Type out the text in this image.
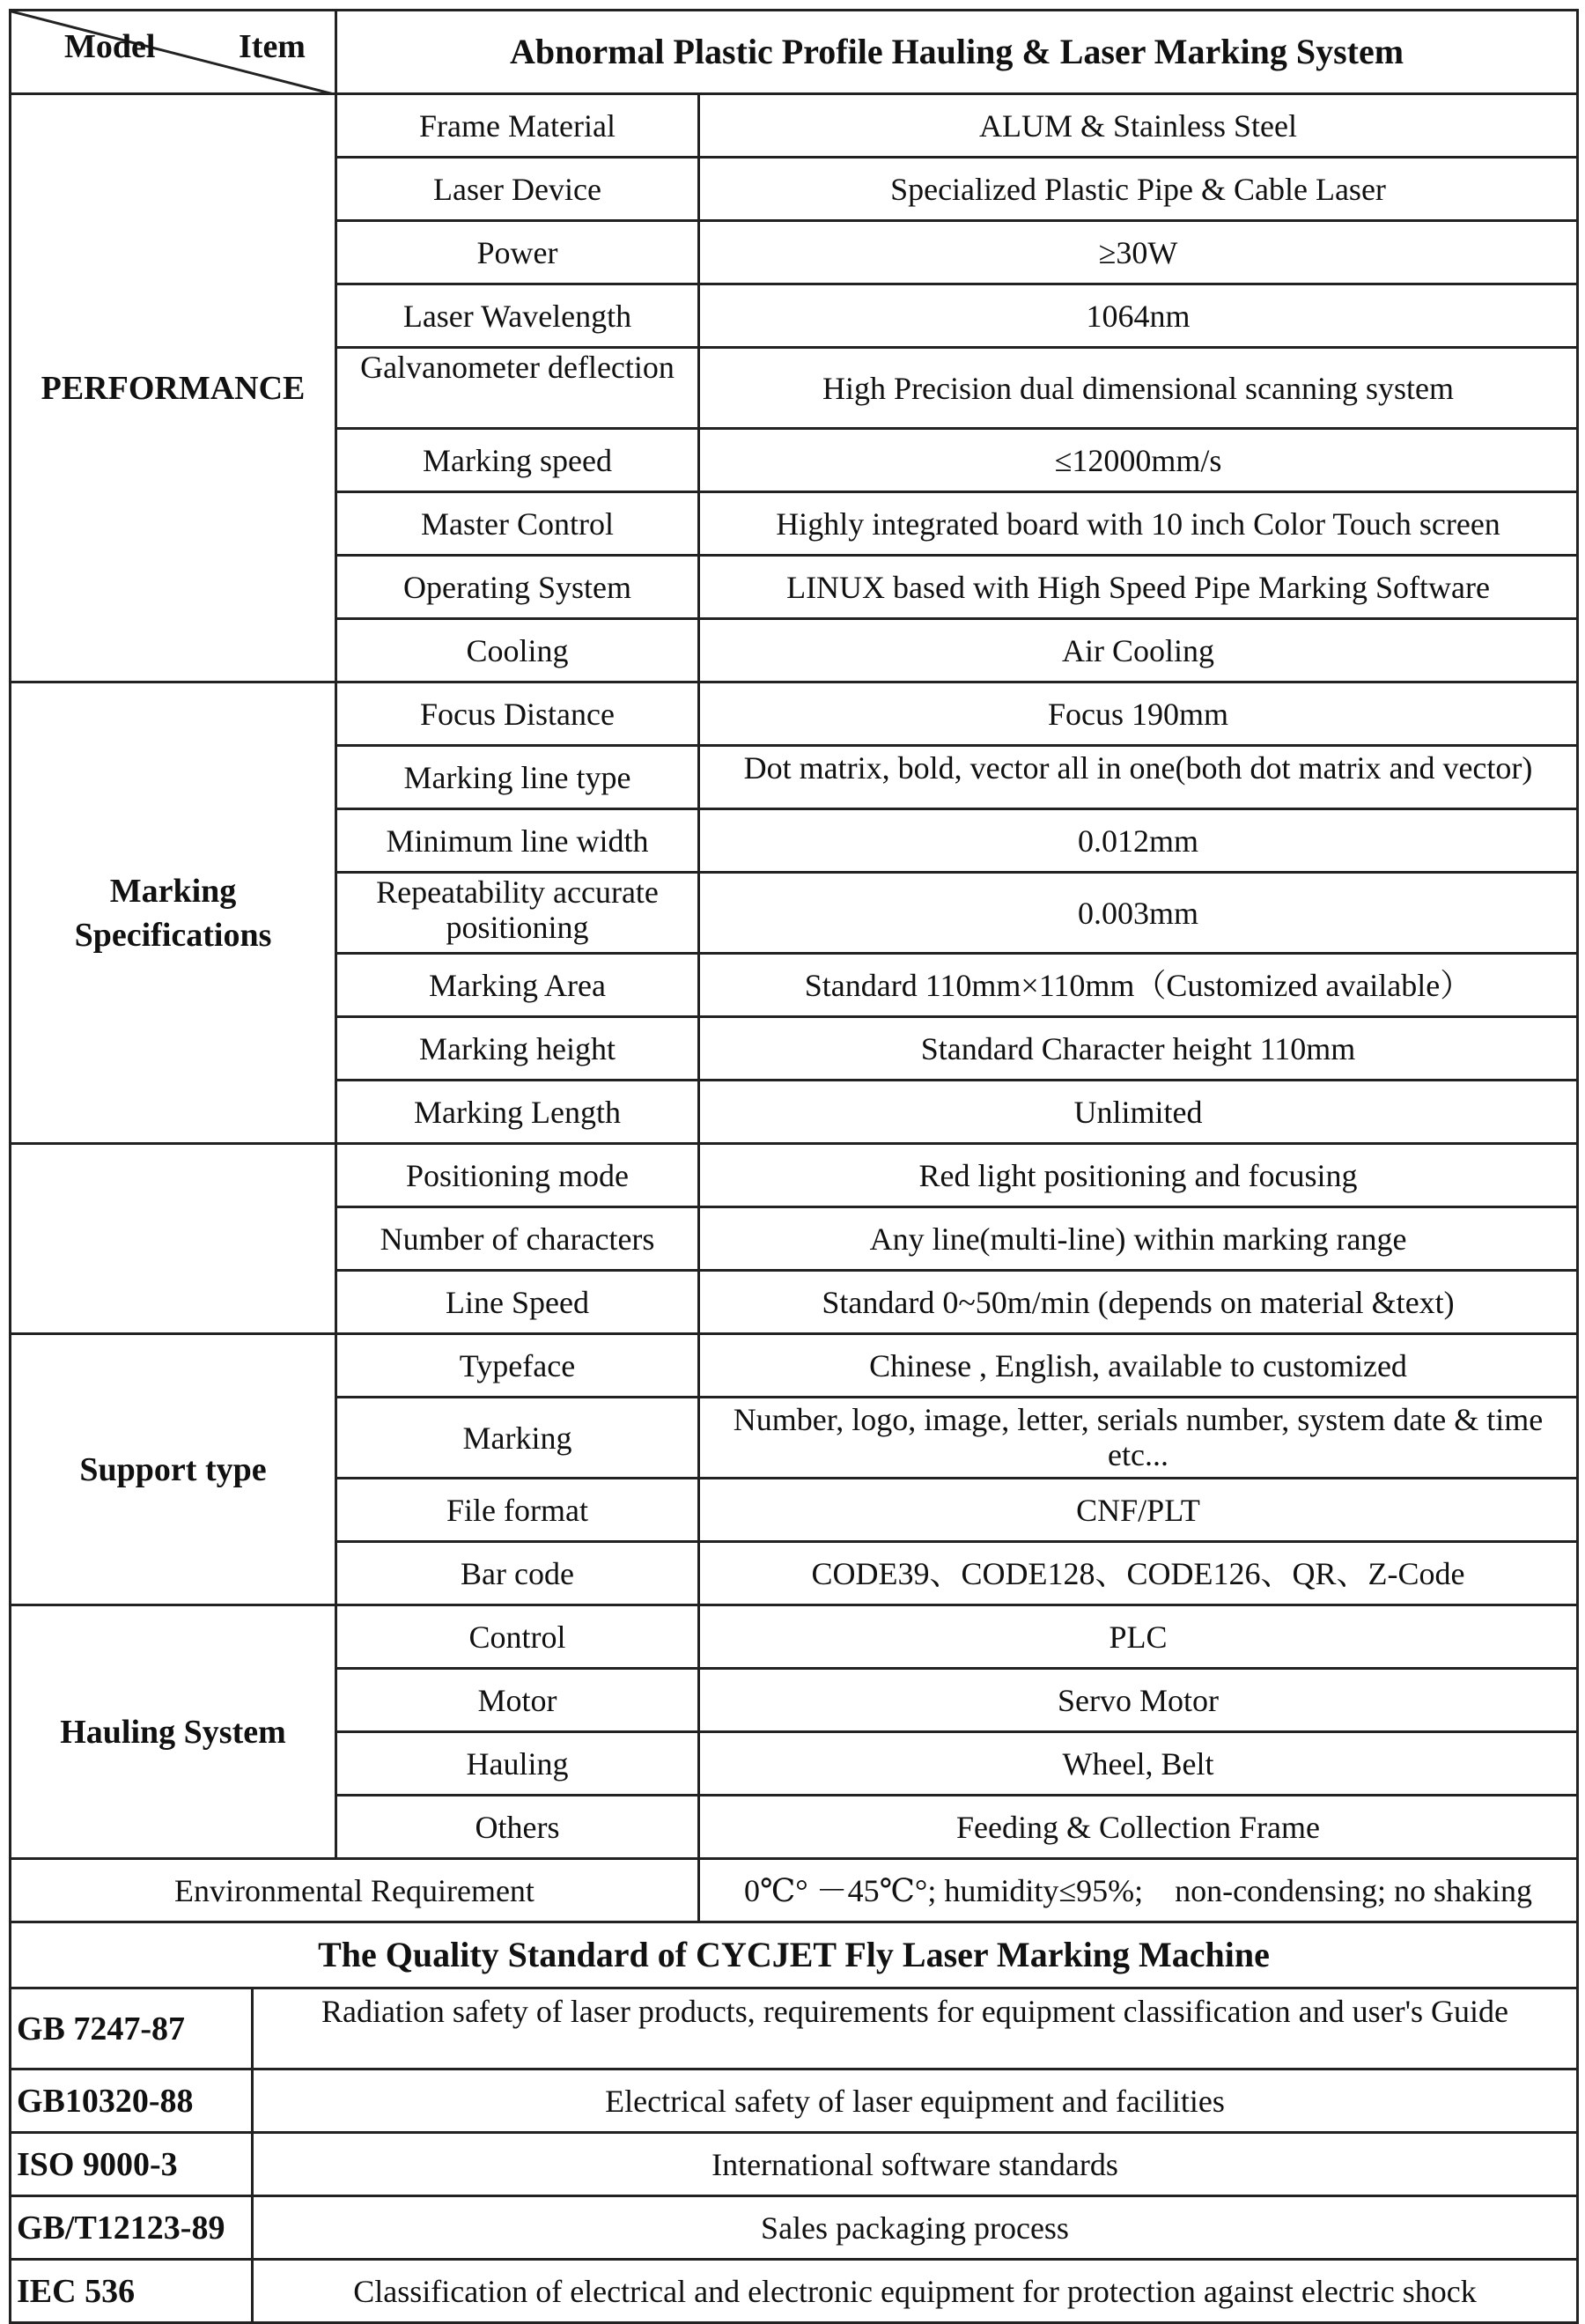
Model Item	Abnormal Plastic Profile Hauling & Laser Marking System	
PERFORMANCE	Frame Material	ALUM & Stainless Steel
	Laser Device	Specialized Plastic Pipe & Cable Laser
	Power	≥30W
	Laser Wavelength	1064nm

	Galvanometer deflection	High Precision dual dimensional scanning system
	Marking speed	≤12000mm/s
	Master Control	Highly integrated board with 10 inch Color Touch screen
	Operating System	LINUX based with High Speed Pipe Marking Software
	Cooling	Air Cooling
Marking
Specifications	Focus Distance	Focus 190mm
	Marking line type	Dot matrix, bold, vector all in one(both dot matrix and vector)

	Minimum line width	0.012mm

	Repeatability accurate positioning	0.003mm
	Marking Area	Standard 110mm×110mm（Customized available）
	Marking height	Standard Character height 110mm
	Marking Length	Unlimited
	Positioning mode	Red light positioning and focusing
	Number of characters	Any line(multi-line) within marking range
	Line Speed	Standard 0~50m/min (depends on material &text)
Support type	Typeface	Chinese , English, available to customized
	Marking	Number, logo, image, letter, serials number, system date & time etc...

	File format	CNF/PLT
	Bar code	CODE39、CODE128、CODE126、QR、Z-Code
Hauling System	Control	PLC
	Motor	Servo Motor
	Hauling	Wheel, Belt
	Others	Feeding & Collection Frame
Environmental Requirement		0℃° －45℃°; humidity≤95%;    non-condensing; no shaking
The Quality Standard of CYCJET Fly Laser Marking Machine	
GB 7247-87	Radiation safety of laser products, requirements for equipment classification and user's Guide

GB10320-88	Electrical safety of laser equipment and facilities
ISO 9000-3	International software standards
GB/T12123-89	Sales packaging process
IEC 536	Classification of electrical and electronic equipment for protection against electric shock
